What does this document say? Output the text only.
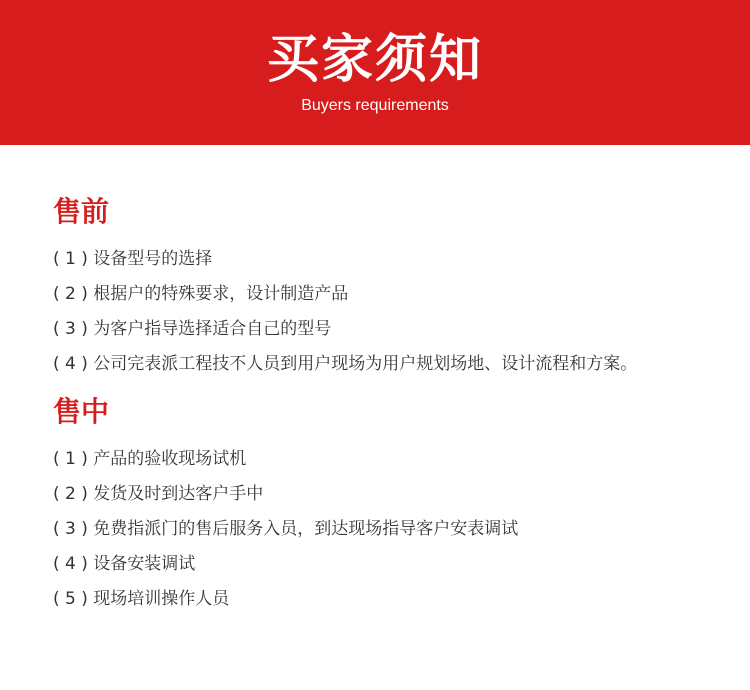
买家须知
Buyers requirements
售前
( 1 ) 设备型号的选择
( 2 ) 根据户的特殊要求，设计制造产品
( 3 ) 为客户指导选择适合自己的型号
( 4 ) 公司完表派工程技不人员到用户现场为用户规划场地、设计流程和方案。
售中
( 1 ) 产品的验收现场试机
( 2 ) 发货及时到达客户手中
( 3 ) 免费指派门的售后服务入员，到达现场指导客户安表调试
( 4 ) 设备安装调试
( 5 ) 现场培训操作人员
